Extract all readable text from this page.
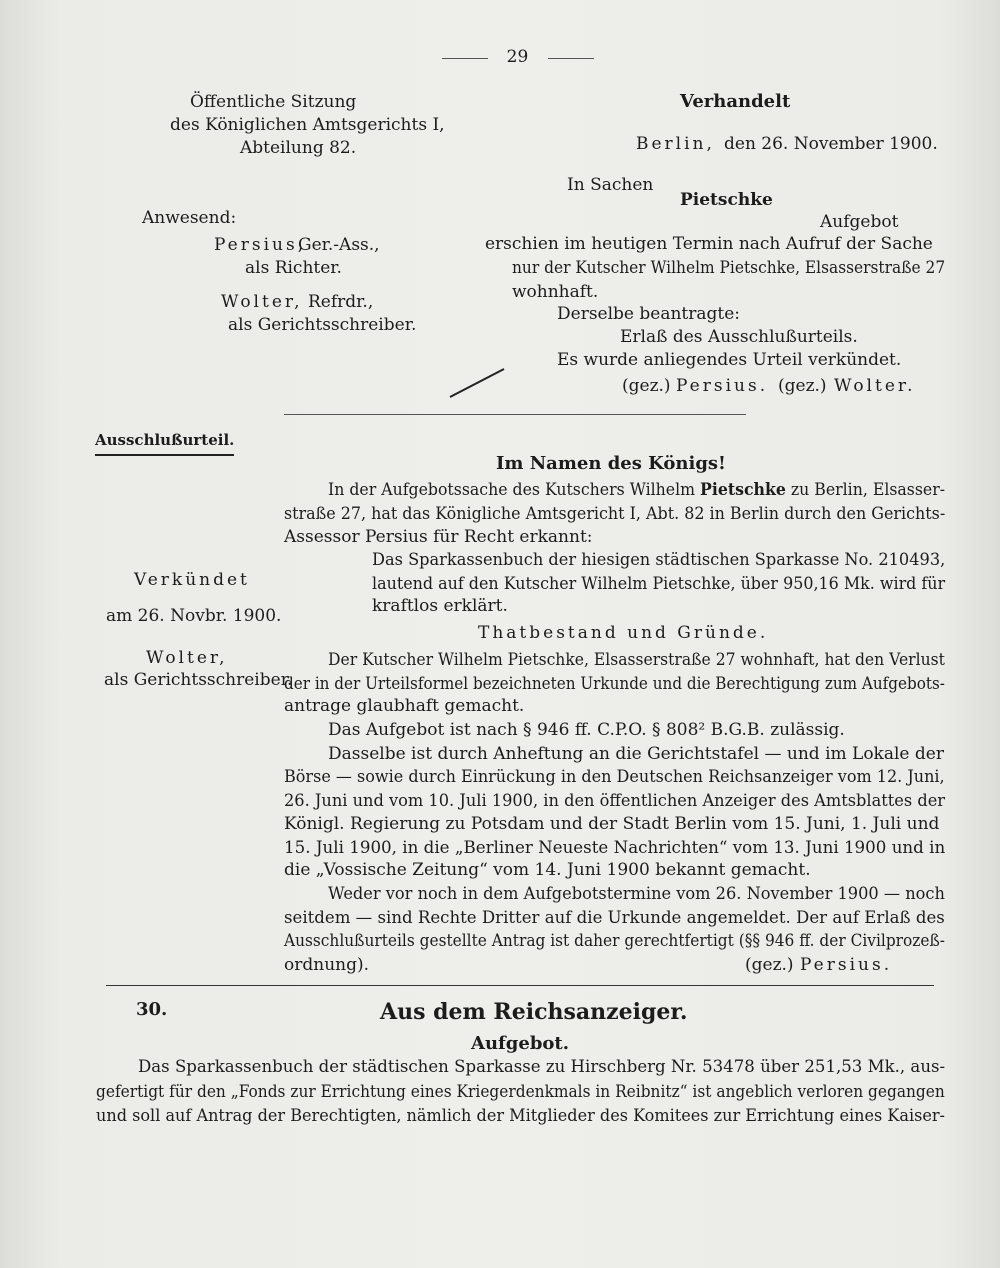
29
Öffentliche Sitzung
des Königlichen Amtsgerichts I,
Abteilung 82.
Verhandelt
Berlin, den 26. November 1900.
Anwesend:
Persius,
Ger.-Ass.,
als Richter.
Wolter, Refrdr.,
als Gerichtsschreiber.
In Sachen
Pietschke
Aufgebot
erschien im heutigen Termin nach Aufruf der Sache
nur der Kutscher Wilhelm Pietschke, Elsasserstraße 27
wohnhaft.
Derselbe beantragte:
Erlaß des Ausschlußurteils.
Es wurde anliegendes Urteil verkündet.
(gez.) Persius. (gez.) Wolter.
Ausschlußurteil.
Im Namen des Königs!
In der Aufgebotssache des Kutschers Wilhelm Pietschke zu Berlin, Elsasser-
straße 27, hat das Königliche Amtsgericht I, Abt. 82 in Berlin durch den Gerichts-
Assessor Persius für Recht erkannt:
Das Sparkassenbuch der hiesigen städtischen Sparkasse No. 210493,
lautend auf den Kutscher Wilhelm Pietschke, über 950,16 Mk. wird für
kraftlos erklärt.
Thatbestand und Gründe.
Verkündet
am 26. Novbr. 1900.
Wolter,
als Gerichtsschreiber.
Der Kutscher Wilhelm Pietschke, Elsasserstraße 27 wohnhaft, hat den Verlust
der in der Urteilsformel bezeichneten Urkunde und die Berechtigung zum Aufgebots-
antrage glaubhaft gemacht.
Das Aufgebot ist nach § 946 ff. C.P.O. § 808² B.G.B. zulässig.
Dasselbe ist durch Anheftung an die Gerichtstafel — und im Lokale der
Börse — sowie durch Einrückung in den Deutschen Reichsanzeiger vom 12. Juni,
26. Juni und vom 10. Juli 1900, in den öffentlichen Anzeiger des Amtsblattes der
Königl. Regierung zu Potsdam und der Stadt Berlin vom 15. Juni, 1. Juli und
15. Juli 1900, in die „Berliner Neueste Nachrichten“ vom 13. Juni 1900 und in
die „Vossische Zeitung“ vom 14. Juni 1900 bekannt gemacht.
Weder vor noch in dem Aufgebotstermine vom 26. November 1900 — noch
seitdem — sind Rechte Dritter auf die Urkunde angemeldet. Der auf Erlaß des
Ausschlußurteils gestellte Antrag ist daher gerechtfertigt (§§ 946 ff. der Civilprozeß-
ordnung).	(gez.) Persius.
30.	Aus dem Reichsanzeiger.
Aufgebot.
Das Sparkassenbuch der städtischen Sparkasse zu Hirschberg Nr. 53478 über 251,53 Mk., aus-
gefertigt für den „Fonds zur Errichtung eines Kriegerdenkmals in Reibnitz“ ist angeblich verloren gegangen
und soll auf Antrag der Berechtigten, nämlich der Mitglieder des Komitees zur Errichtung eines Kaiser-
